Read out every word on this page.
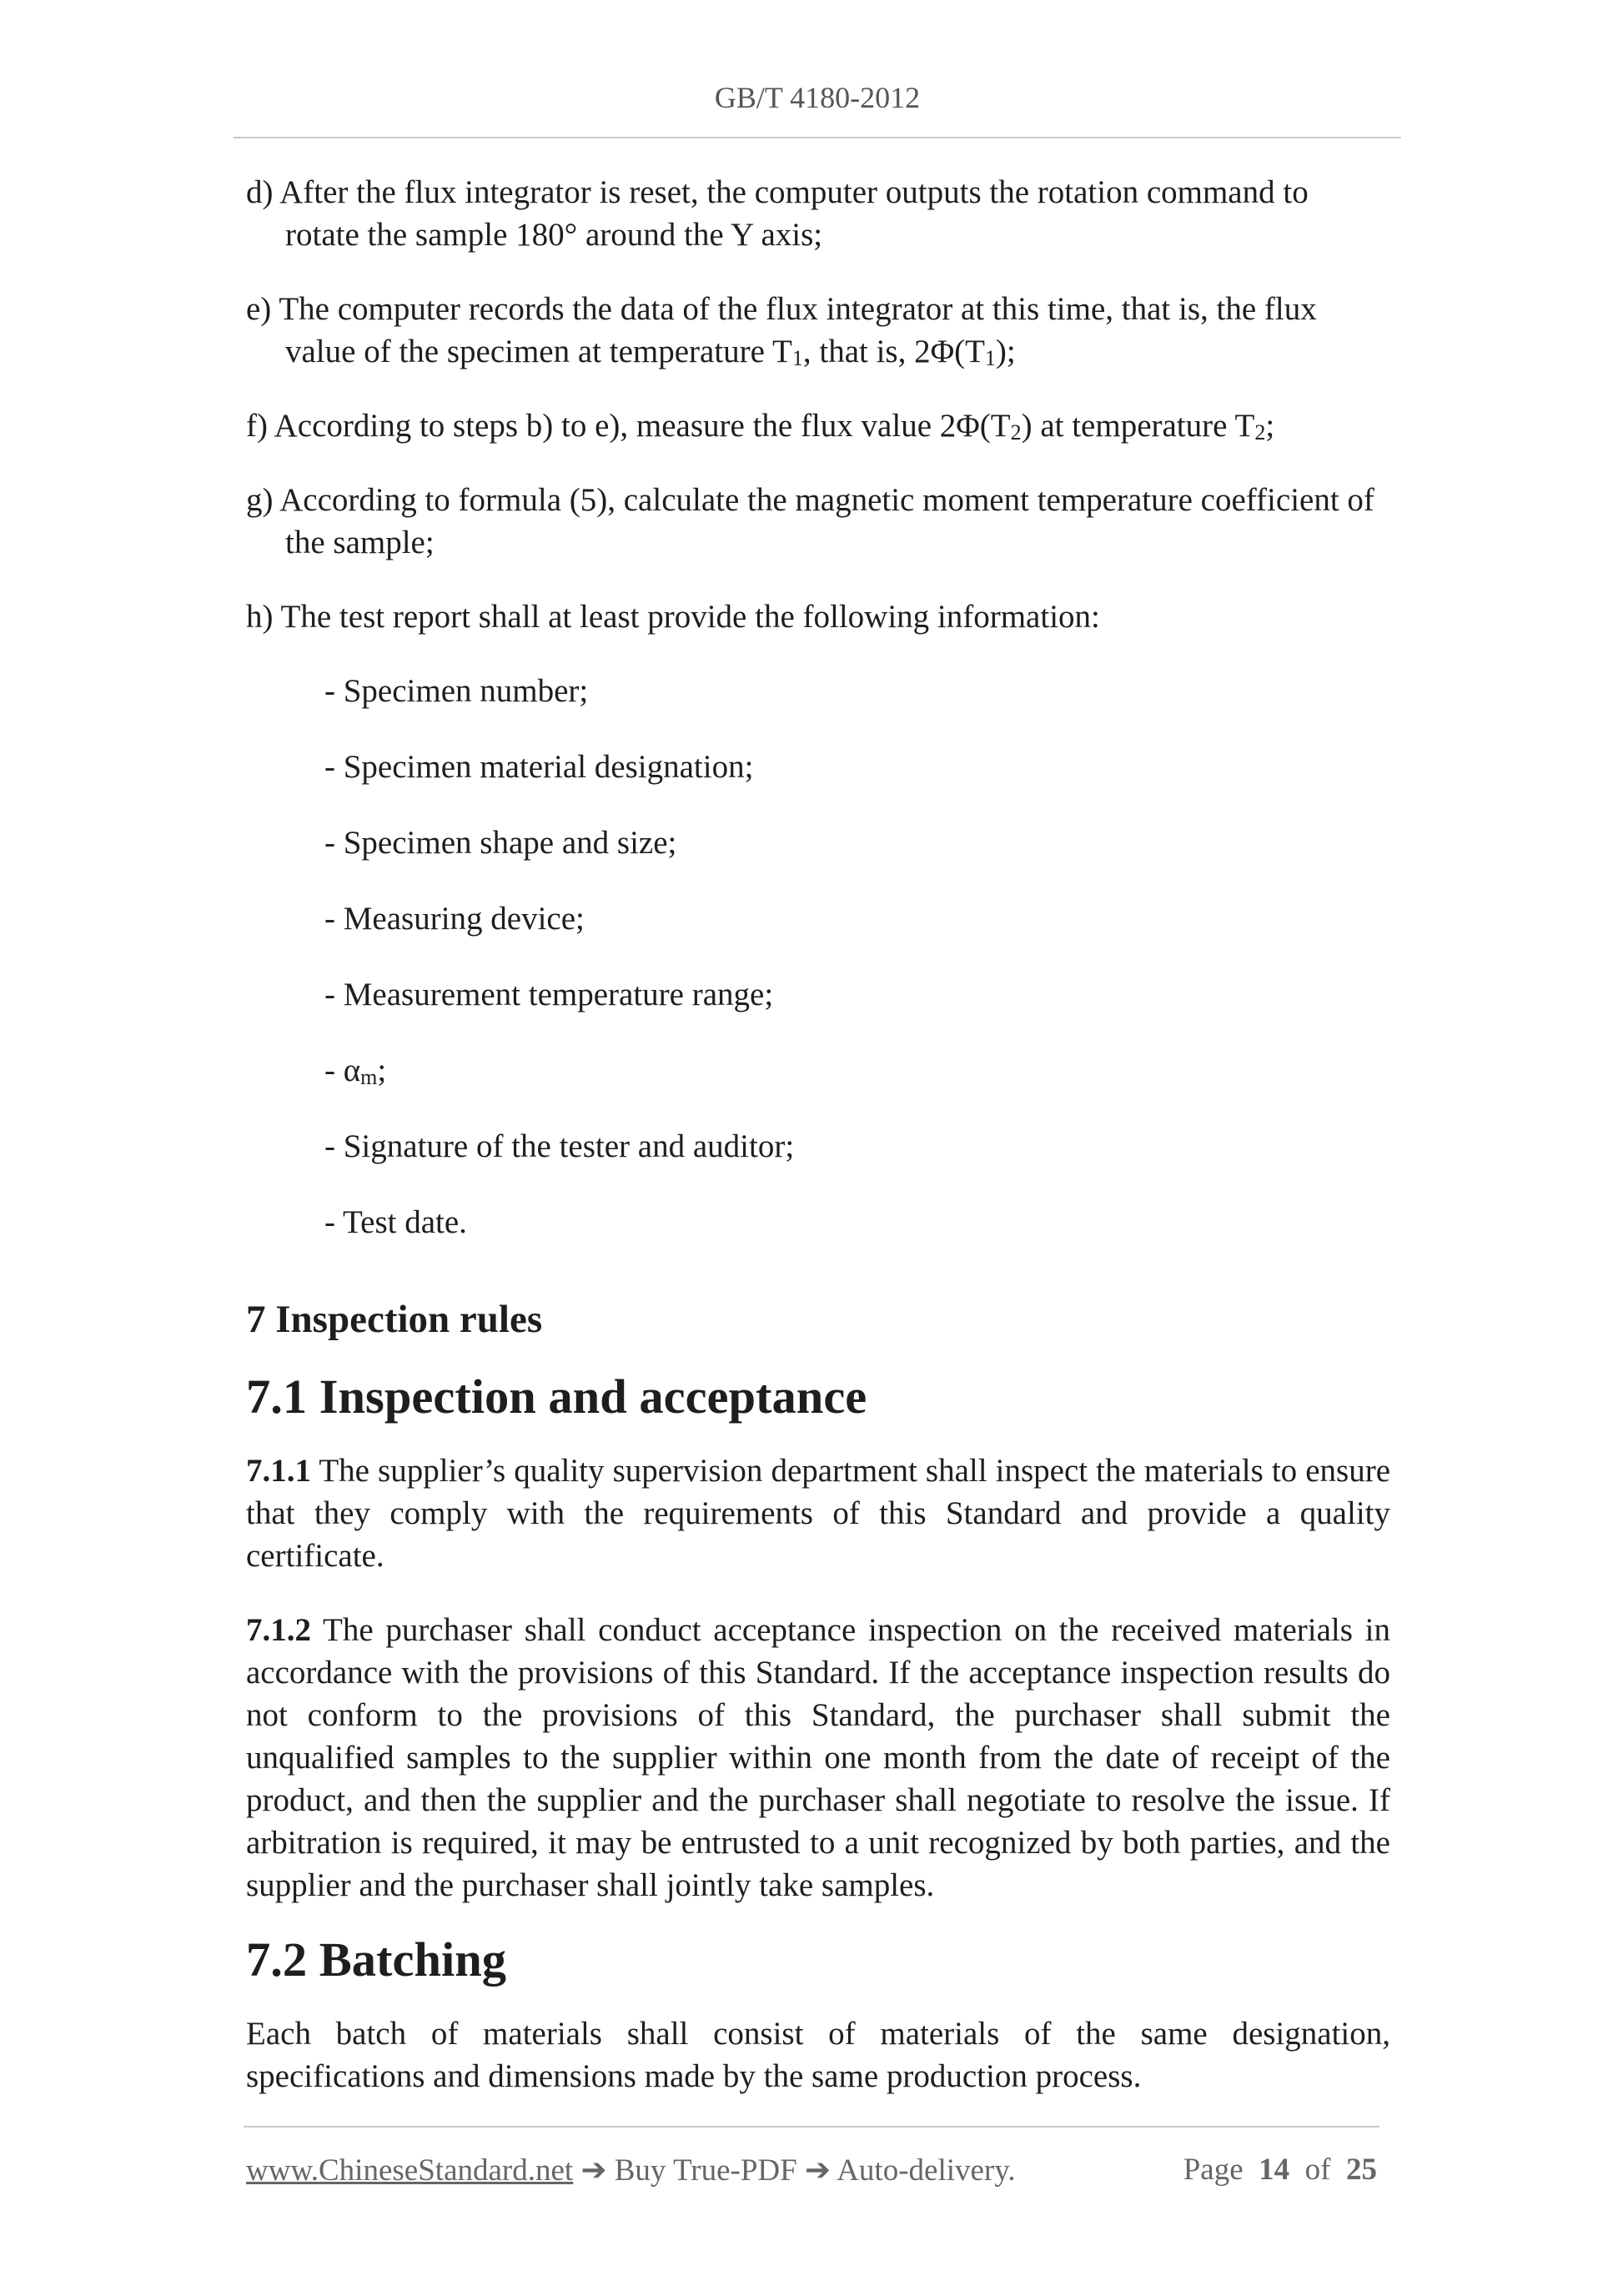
GB/T 4180-2012

d) After the flux integrator is reset, the computer outputs the rotation command to rotate the sample 180° around the Y axis;

e) The computer records the data of the flux integrator at this time, that is, the flux value of the specimen at temperature $T_1$, that is, $2\Phi(T_1)$;

f) According to steps b) to e), measure the flux value $2\Phi(T_2)$ at temperature $T_2$;

g) According to formula (5), calculate the magnetic moment temperature coefficient of the sample;

h) The test report shall at least provide the following information:

- Specimen number;

- Specimen material designation;

- Specimen shape and size;

- Measuring device;

- Measurement temperature range;

- $\alpha_m$;

- Signature of the tester and auditor;

- Test date.

7 Inspection rules
7.1 Inspection and acceptance

7.1.1 The supplier’s quality supervision department shall inspect the materials to ensure that they comply with the requirements of this Standard and provide a quality certificate.

7.1.2 The purchaser shall conduct acceptance inspection on the received materials in accordance with the provisions of this Standard. If the acceptance inspection results do not conform to the provisions of this Standard, the purchaser shall submit the unqualified samples to the supplier within one month from the date of receipt of the product, and then the supplier and the purchaser shall negotiate to resolve the issue. If arbitration is required, it may be entrusted to a unit recognized by both parties, and the supplier and the purchaser shall jointly take samples.

7.2 Batching

Each batch of materials shall consist of materials of the same designation, specifications and dimensions made by the same production process.

www.ChineseStandard.net ➔ Buy True-PDF ➔ Auto-delivery.	Page 14 of 25
